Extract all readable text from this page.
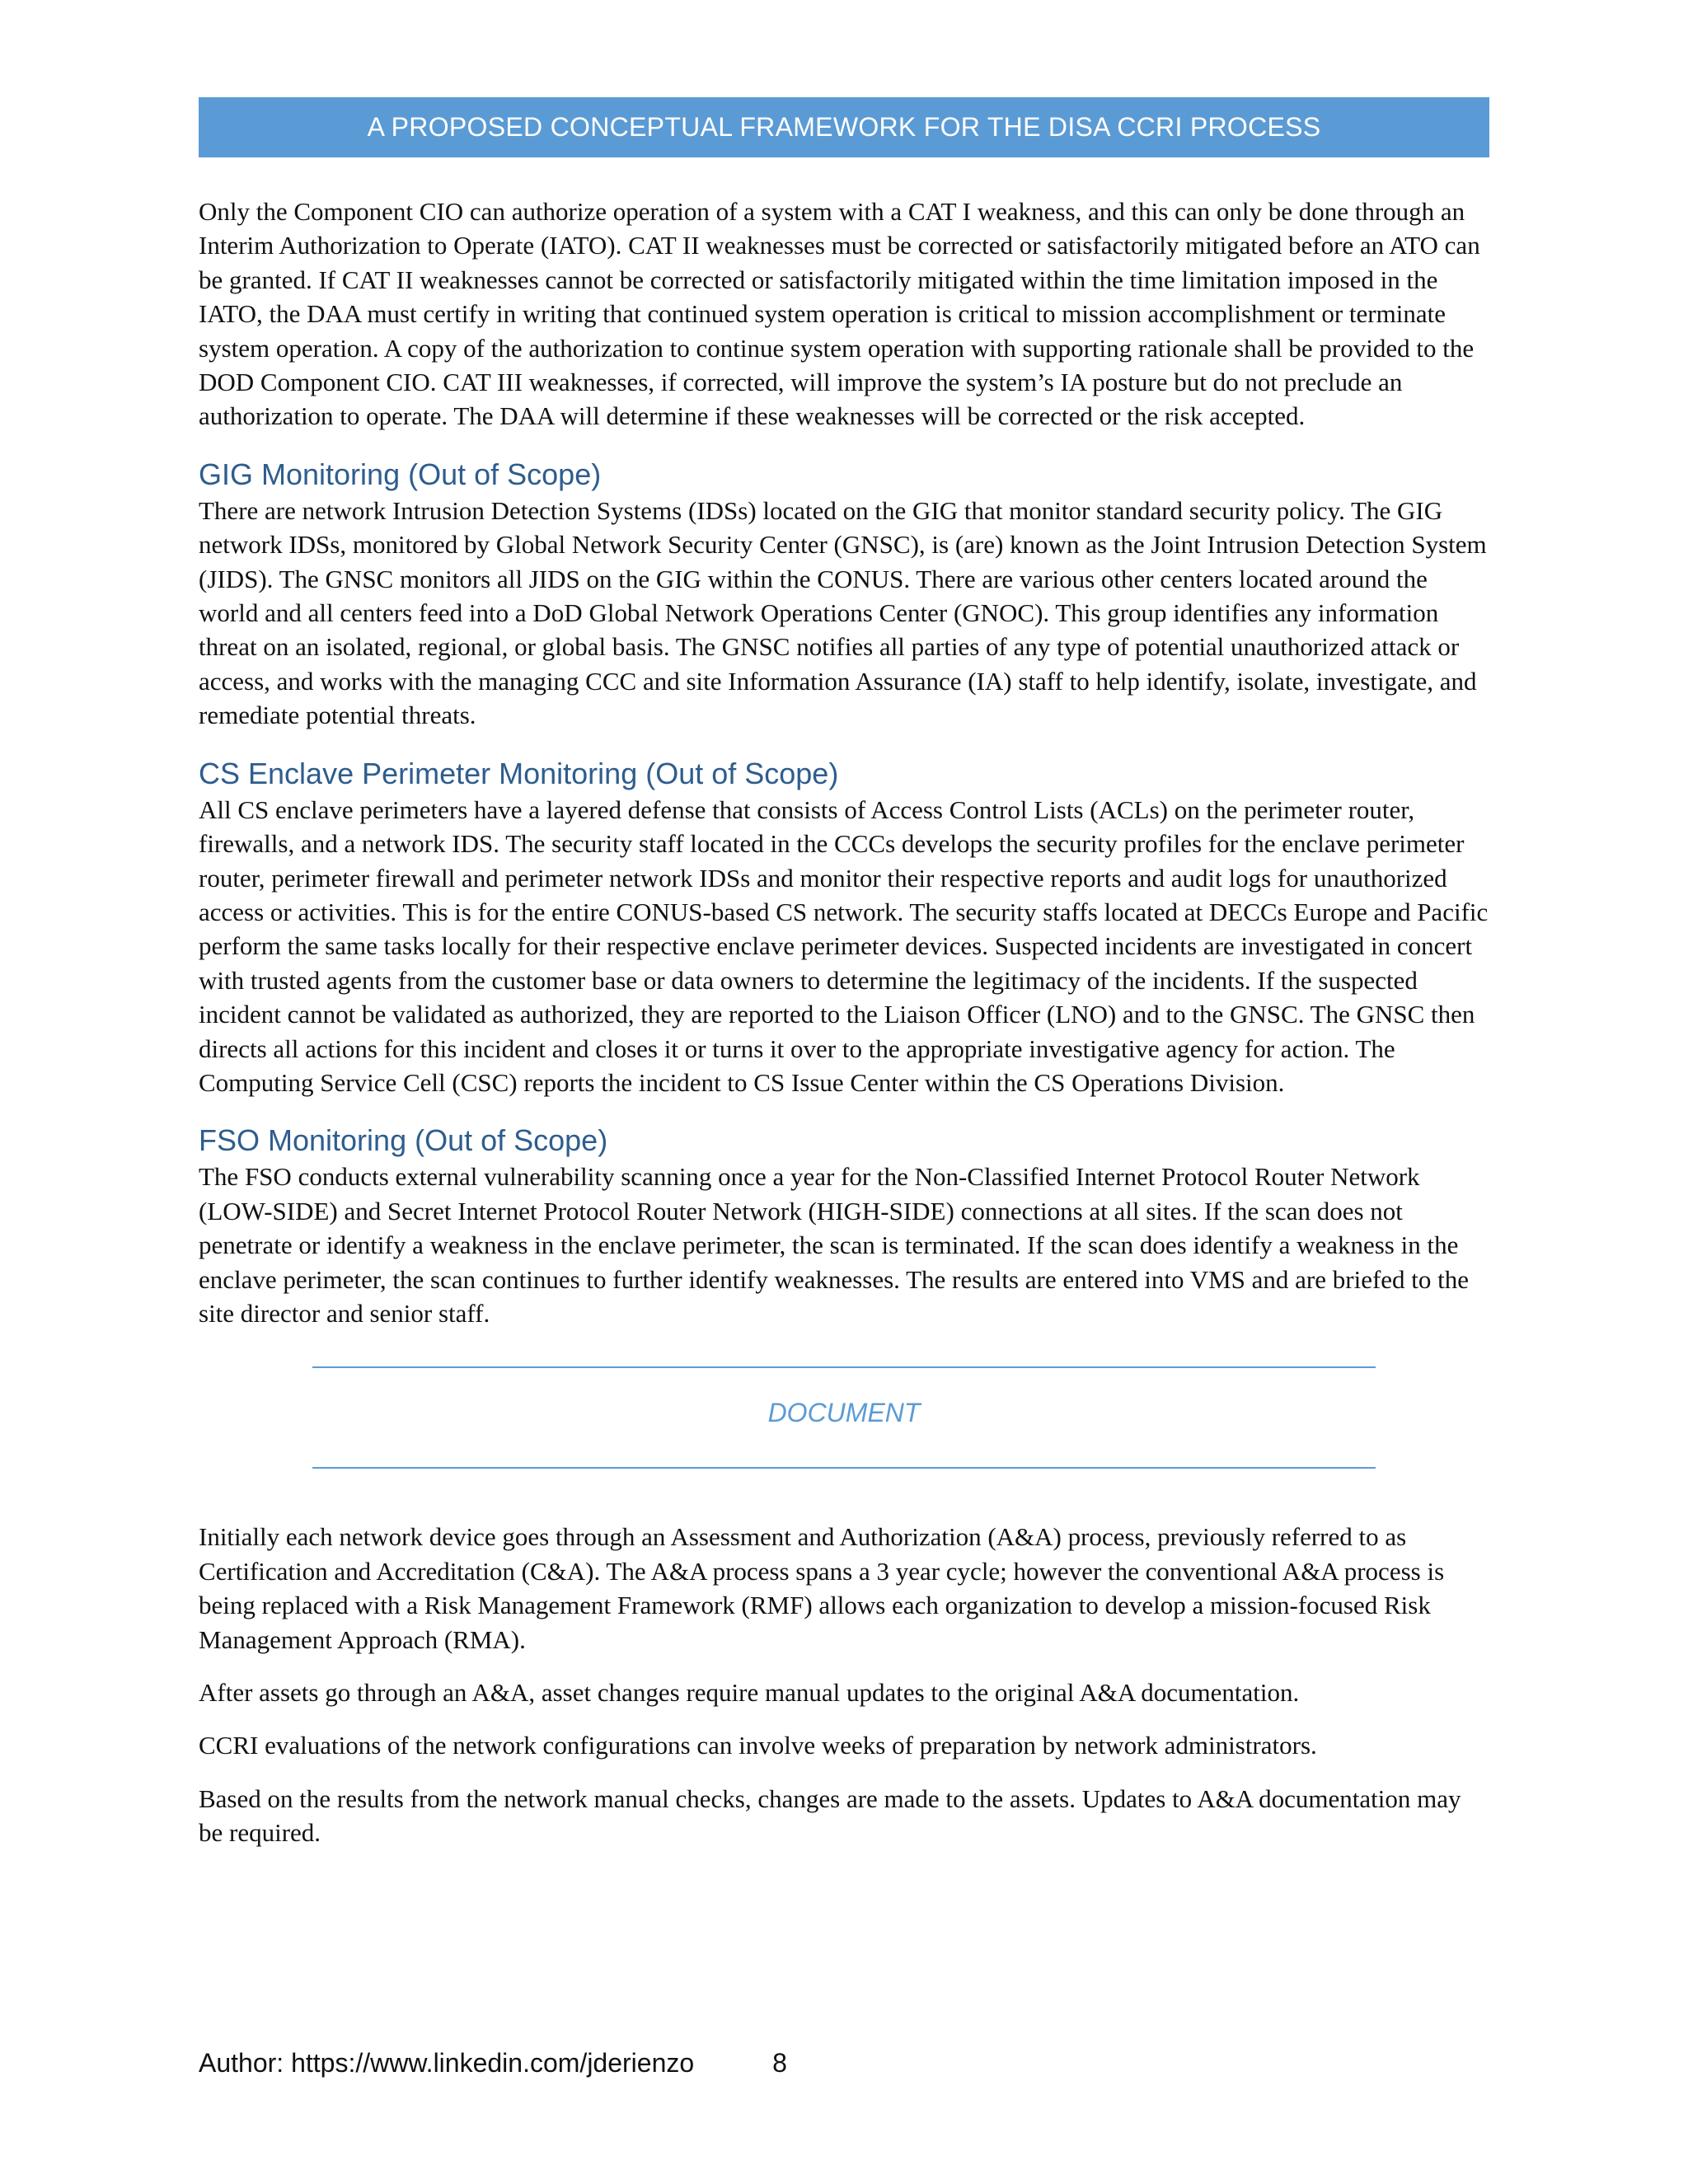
A PROPOSED CONCEPTUAL FRAMEWORK FOR THE DISA CCRI PROCESS

Only the Component CIO can authorize operation of a system with a CAT I weakness, and this can only be done through an Interim Authorization to Operate (IATO). CAT II weaknesses must be corrected or satisfactorily mitigated before an ATO can be granted. If CAT II weaknesses cannot be corrected or satisfactorily mitigated within the time limitation imposed in the IATO, the DAA must certify in writing that continued system operation is critical to mission accomplishment or terminate system operation. A copy of the authorization to continue system operation with supporting rationale shall be provided to the DOD Component CIO. CAT III weaknesses, if corrected, will improve the system’s IA posture but do not preclude an authorization to operate. The DAA will determine if these weaknesses will be corrected or the risk accepted.

GIG Monitoring (Out of Scope)

There are network Intrusion Detection Systems (IDSs) located on the GIG that monitor standard security policy. The GIG network IDSs, monitored by Global Network Security Center (GNSC), is (are) known as the Joint Intrusion Detection System (JIDS). The GNSC monitors all JIDS on the GIG within the CONUS. There are various other centers located around the world and all centers feed into a DoD Global Network Operations Center (GNOC). This group identifies any information threat on an isolated, regional, or global basis. The GNSC notifies all parties of any type of potential unauthorized attack or access, and works with the managing CCC and site Information Assurance (IA) staff to help identify, isolate, investigate, and remediate potential threats.

CS Enclave Perimeter Monitoring (Out of Scope)

All CS enclave perimeters have a layered defense that consists of Access Control Lists (ACLs) on the perimeter router, firewalls, and a network IDS. The security staff located in the CCCs develops the security profiles for the enclave perimeter router, perimeter firewall and perimeter network IDSs and monitor their respective reports and audit logs for unauthorized access or activities. This is for the entire CONUS-based CS network. The security staffs located at DECCs Europe and Pacific perform the same tasks locally for their respective enclave perimeter devices. Suspected incidents are investigated in concert with trusted agents from the customer base or data owners to determine the legitimacy of the incidents. If the suspected incident cannot be validated as authorized, they are reported to the Liaison Officer (LNO) and to the GNSC. The GNSC then directs all actions for this incident and closes it or turns it over to the appropriate investigative agency for action. The Computing Service Cell (CSC) reports the incident to CS Issue Center within the CS Operations Division.

FSO Monitoring (Out of Scope)

The FSO conducts external vulnerability scanning once a year for the Non-Classified Internet Protocol Router Network (LOW-SIDE) and Secret Internet Protocol Router Network (HIGH-SIDE) connections at all sites. If the scan does not penetrate or identify a weakness in the enclave perimeter, the scan is terminated. If the scan does identify a weakness in the enclave perimeter, the scan continues to further identify weaknesses. The results are entered into VMS and are briefed to the site director and senior staff.

DOCUMENT

Initially each network device goes through an Assessment and Authorization (A&A) process, previously referred to as Certification and Accreditation (C&A). The A&A process spans a 3 year cycle; however the conventional A&A process is being replaced with a Risk Management Framework (RMF) allows each organization to develop a mission-focused Risk Management Approach (RMA).

After assets go through an A&A, asset changes require manual updates to the original A&A documentation.

CCRI evaluations of the network configurations can involve weeks of preparation by network administrators.

Based on the results from the network manual checks, changes are made to the assets. Updates to A&A documentation may be required.

Author: https://www.linkedin.com/jderienzo	8
